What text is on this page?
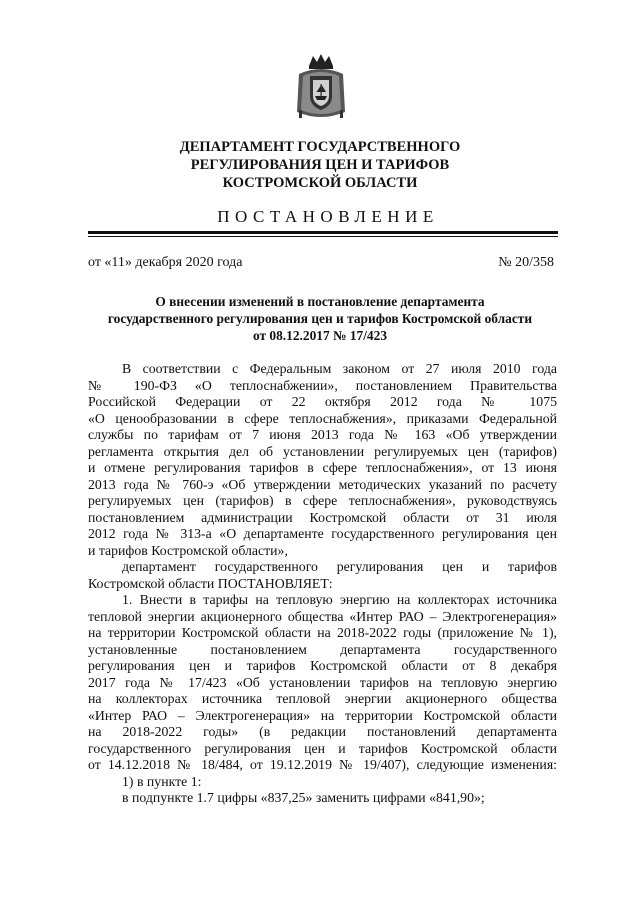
ДЕПАРТАМЕНТ ГОСУДАРСТВЕННОГО
РЕГУЛИРОВАНИЯ ЦЕН И ТАРИФОВ
КОСТРОМСКОЙ ОБЛАСТИ
ПОСТАНОВЛЕНИЕ
от «11» декабря 2020 года	№ 20/358
О внесении изменений в постановление департамента
государственного регулирования цен и тарифов Костромской области
от 08.12.2017 № 17/423
В соответствии с Федеральным законом от 27 июля 2010 года
№ 190-ФЗ «О теплоснабжении», постановлением Правительства
Российской Федерации от 22 октября 2012 года № 1075
«О ценообразовании в сфере теплоснабжения», приказами Федеральной
службы по тарифам от 7 июня 2013 года № 163 «Об утверждении
регламента открытия дел об установлении регулируемых цен (тарифов)
и отмене регулирования тарифов в сфере теплоснабжения», от 13 июня
2013 года № 760-э «Об утверждении методических указаний по расчету
регулируемых цен (тарифов) в сфере теплоснабжения», руководствуясь
постановлением администрации Костромской области от 31 июля
2012 года № 313-а «О департаменте государственного регулирования цен
и тарифов Костромской области»,
департамент государственного регулирования цен и тарифов
Костромской области ПОСТАНОВЛЯЕТ:
1. Внести в тарифы на тепловую энергию на коллекторах источника
тепловой энергии акционерного общества «Интер РАО – Электрогенерация»
на территории Костромской области на 2018-2022 годы (приложение № 1),
установленные постановлением департамента государственного
регулирования цен и тарифов Костромской области от 8 декабря
2017 года № 17/423 «Об установлении тарифов на тепловую энергию
на коллекторах источника тепловой энергии акционерного общества
«Интер РАО – Электрогенерация» на территории Костромской области
на 2018-2022 годы» (в редакции постановлений департамента
государственного регулирования цен и тарифов Костромской области
от 14.12.2018 № 18/484, от 19.12.2019 № 19/407), следующие изменения:
1) в пункте 1:
в подпункте 1.7 цифры «837,25» заменить цифрами «841,90»;
